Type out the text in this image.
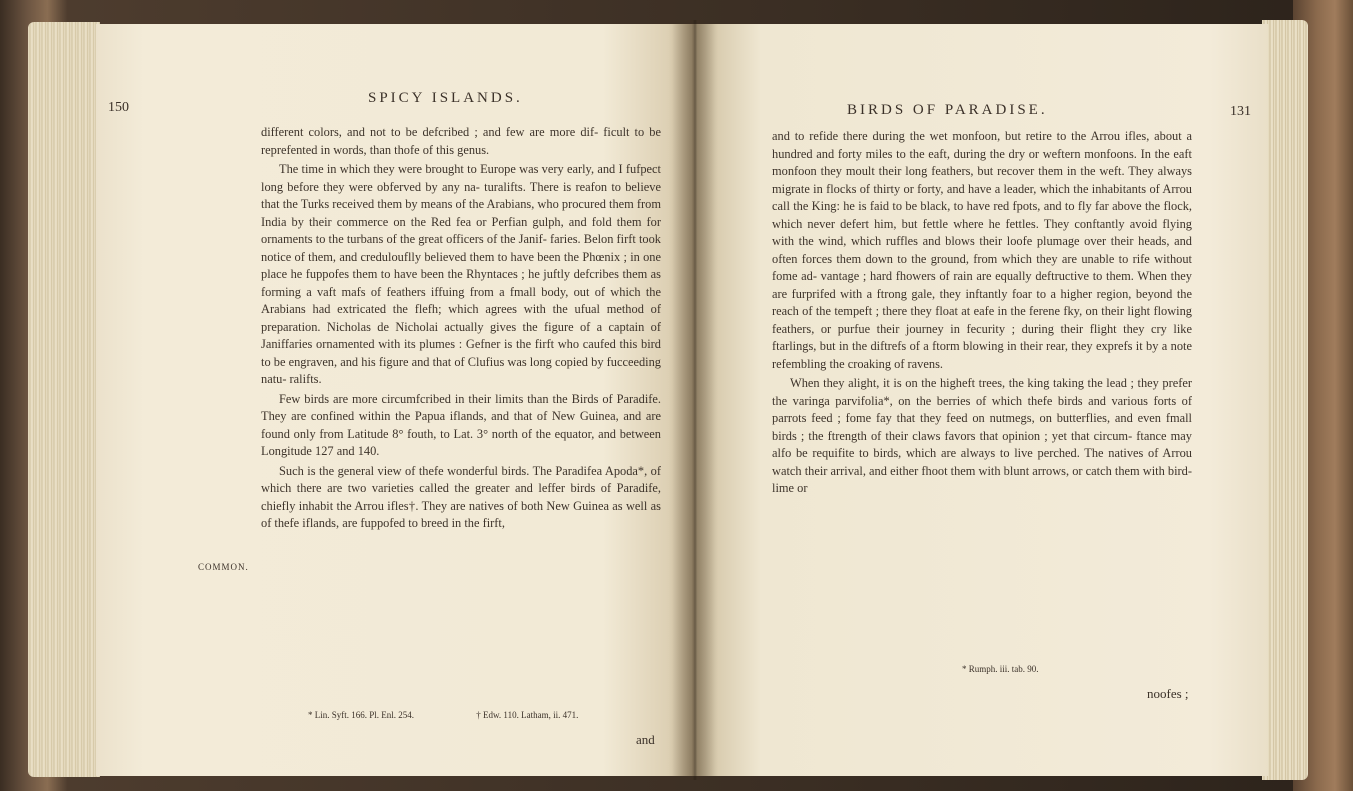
150
SPICY ISLANDS.

different colors, and not to be defcribed ; and few are more dif- ficult to be reprefented in words, than thofe of this genus.

The time in which they were brought to Europe was very early, and I fufpect long before they were obferved by any na- turalifts. There is reafon to believe that the Turks received them by means of the Arabians, who procured them from India by their commerce on the Red fea or Perfian gulph, and fold them for ornaments to the turbans of the great officers of the Janif- faries. Belon firft took notice of them, and credulouflly believed them to have been the Phœnix ; in one place he fuppofes them to have been the Rhyntaces ; he juftly defcribes them as forming a vaft mafs of feathers iffuing from a fmall body, out of which the Arabians had extricated the flefh; which agrees with the ufual method of preparation. Nicholas de Nicholai actually gives the figure of a captain of Janiffaries ornamented with its plumes : Gefner is the firft who caufed this bird to be engraven, and his figure and that of Clufius was long copied by fucceeding natu- ralifts.

Few birds are more circumfcribed in their limits than the Birds of Paradife. They are confined within the Papua iflands, and that of New Guinea, and are found only from Latitude 8° fouth, to Lat. 3° north of the equator, and between Longitude 127 and 140.

Such is the general view of thefe wonderful birds. The Paradifea Apoda*, of which there are two varieties called the greater and leffer birds of Paradife, chiefly inhabit the Arrou ifles†. They are natives of both New Guinea as well as of thefe iflands, are fuppofed to breed in the firft,

COMMON.
* Lin. Syft. 166. Pl. Enl. 254.	† Edw. 110. Latham, ii. 471.
and
BIRDS OF PARADISE.	131

and to refide there during the wet monfoon, but retire to the Arrou ifles, about a hundred and forty miles to the eaft, during the dry or weftern monfoons. In the eaft monfoon they moult their long feathers, but recover them in the weft. They always migrate in flocks of thirty or forty, and have a leader, which the inhabitants of Arrou call the King: he is faid to be black, to have red fpots, and to fly far above the flock, which never defert him, but fettle where he fettles. They conftantly avoid flying with the wind, which ruffles and blows their loofe plumage over their heads, and often forces them down to the ground, from which they are unable to rife without fome ad- vantage ; hard fhowers of rain are equally deftructive to them. When they are furprifed with a ftrong gale, they inftantly foar to a higher region, beyond the reach of the tempeft ; there they float at eafe in the ferene fky, on their light flowing feathers, or purfue their journey in fecurity ; during their flight they cry like ftarlings, but in the diftrefs of a ftorm blowing in their rear, they exprefs it by a note refembling the croaking of ravens.

When they alight, it is on the higheft trees, the king taking the lead ; they prefer the varinga parvifolia*, on the berries of which thefe birds and various forts of parrots feed ; fome fay that they feed on nutmegs, on butterflies, and even fmall birds ; the ftrength of their claws favors that opinion ; yet that circum- ftance may alfo be requifite to birds, which are always to live perched. The natives of Arrou watch their arrival, and either fhoot them with blunt arrows, or catch them with bird-lime or

* Rumph. iii. tab. 90.
noofes ;
